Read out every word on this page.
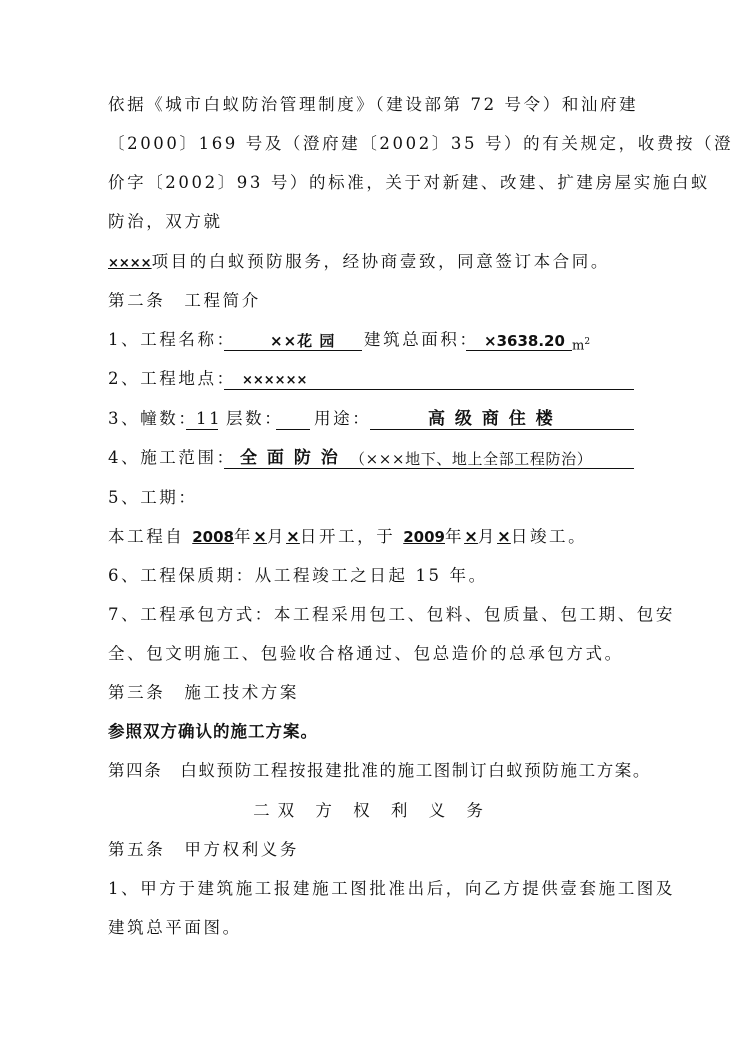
依据《城市白蚁防治管理制度》（建设部第 72 号令）和汕府建
〔2000〕169 号及（澄府建〔2002〕35 号）的有关规定，收费按（澄
价字〔2002〕93 号）的标准，关于对新建、改建、扩建房屋实施白蚁
防治，双方就
××××项目的白蚁预防服务，经协商壹致，同意签订本合同。
第二条　工程简介
1、工程名称：	××花 园	建筑总面积： ×3638.20 $m^2$
2、工程地点： ××××××
3、幢数：
11 层数： 用途：	高 级 商 住 楼
4、施工范围： 全 面 防 治 （×××地下、地上全部工程防治）
5、工期：
本工程自 2008年×月×日开工，于 2009年×月×日竣工。
6、工程保质期：从工程竣工之日起 15 年。
7、工程承包方式：本工程采用包工、包料、包质量、包工期、包安
全、包文明施工、包验收合格通过、包总造价的总承包方式。
第三条　施工技术方案
参照双方确认的施工方案。
第四条　白蚁预防工程按报建批准的施工图制订白蚁预防施工方案。
二双 方 权 利 义 务
第五条　甲方权利义务
1、甲方于建筑施工报建施工图批准出后，向乙方提供壹套施工图及
建筑总平面图。
